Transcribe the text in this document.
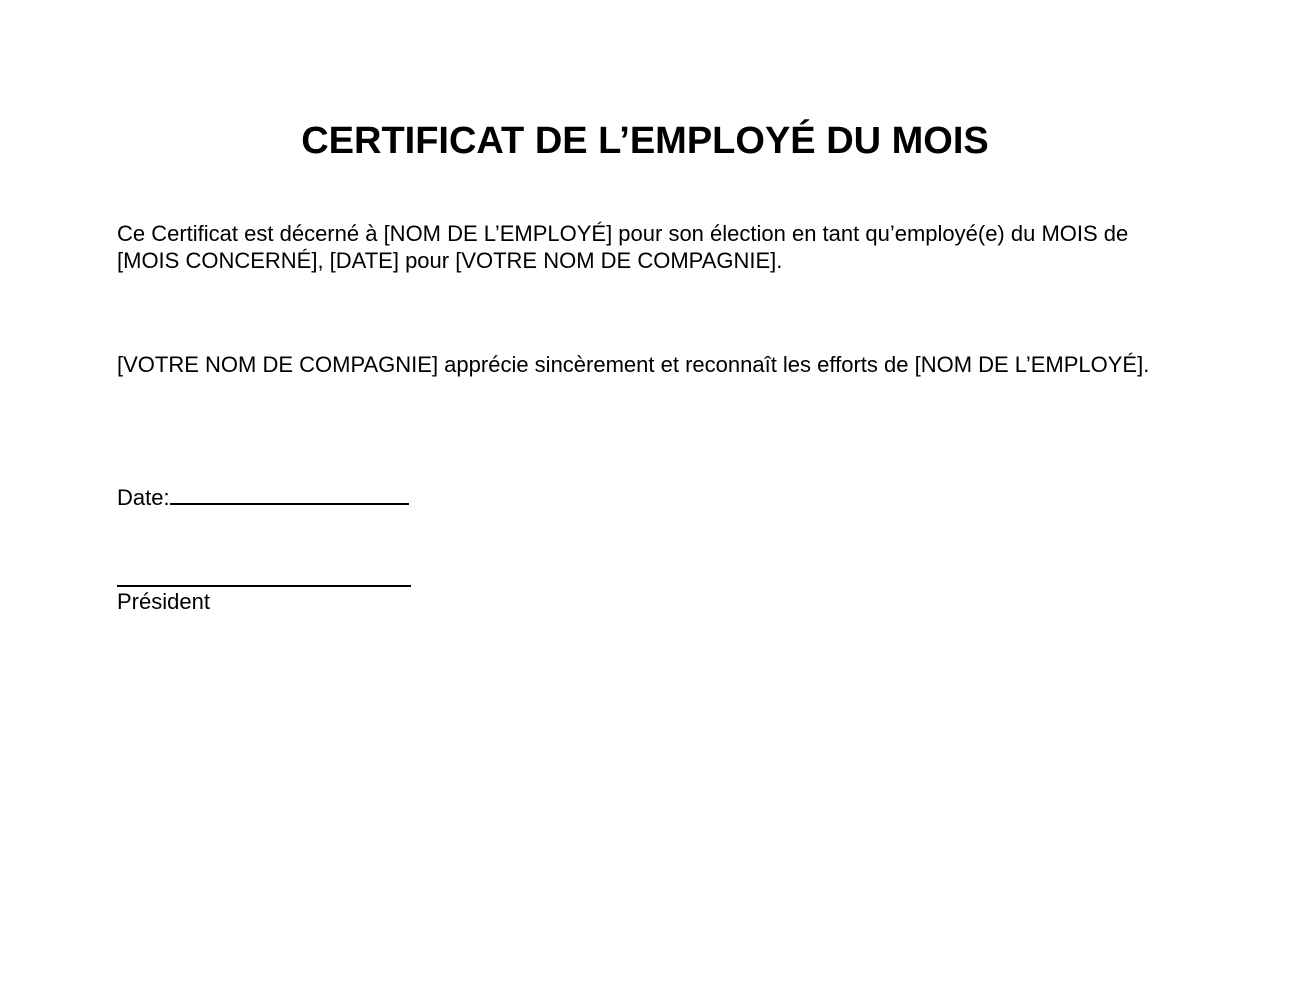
CERTIFICAT DE L’EMPLOYÉ DU MOIS

Ce Certificat est décerné à [NOM DE L’EMPLOYÉ] pour son élection en tant qu’employé(e) du MOIS de [MOIS CONCERNÉ], [DATE] pour [VOTRE NOM DE COMPAGNIE].

[VOTRE NOM DE COMPAGNIE] apprécie sincèrement et reconnaît les efforts de [NOM DE L’EMPLOYÉ].

Date:
Président
